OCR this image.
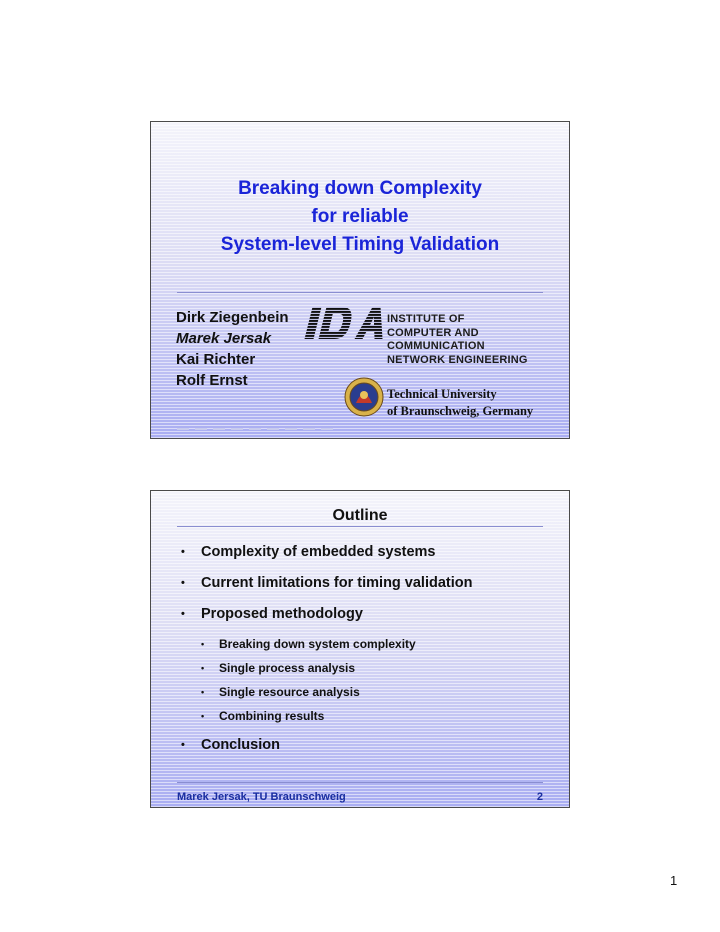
Breaking down Complexity
for reliable
System-level Timing Validation
Dirk Ziegenbein
Marek Jersak
Kai Richter
Rolf Ernst
INSTITUTE OF
COMPUTER AND
COMMUNICATION
NETWORK ENGINEERING
Technical University
of Braunschweig, Germany
Outline
• Complexity of embedded systems
• Current limitations for timing validation
• Proposed methodology
• Breaking down system complexity
• Single process analysis
• Single resource analysis
• Combining results
• Conclusion
Marek Jersak, TU Braunschweig	2
1
